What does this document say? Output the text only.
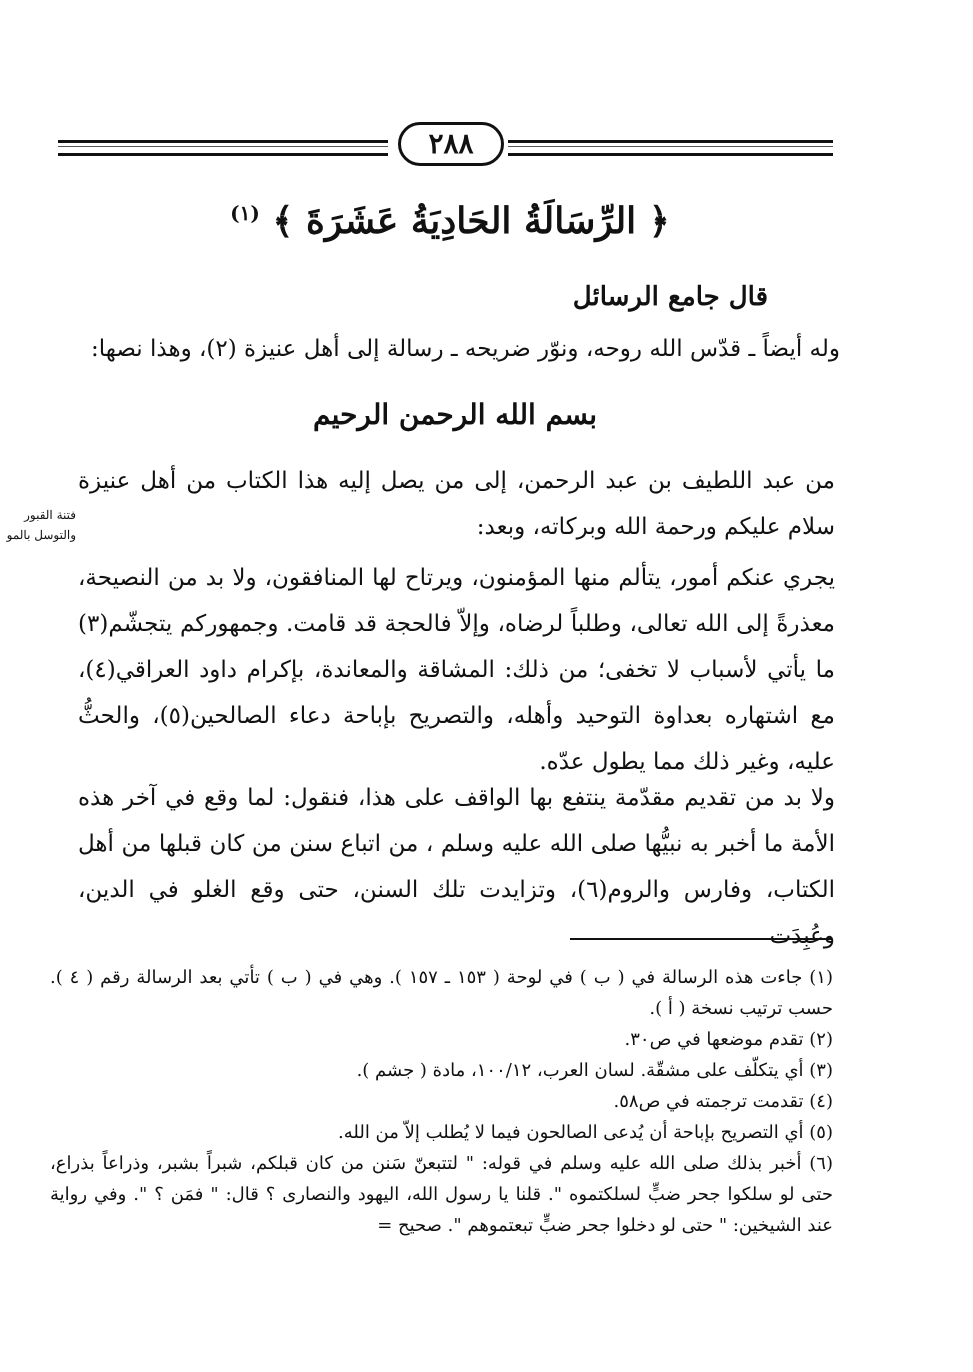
٢٨٨
﴿ الرِّسَالَةُ الحَادِيَةُ عَشَرَةَ ﴾ $^{(١)}$
قال جامع الرسائل
وله أيضاً ـ قدّس الله روحه، ونوّر ضريحه ـ رسالة إلى أهل عنيزة (٢)، وهذا نصها:
بسم الله الرحمن الرحيم
فتنة القبور
والتوسل بالمو
من عبد اللطيف بن عبد الرحمن، إلى من يصل إليه هذا الكتاب من أهل عنيزة سلام عليكم ورحمة الله وبركاته، وبعد:
يجري عنكم أمور، يتألم منها المؤمنون، ويرتاح لها المنافقون، ولا بد من النصيحة، معذرةً إلى الله تعالى، وطلباً لرضاه، وإلاّ فالحجة قد قامت. وجمهوركم يتجشّم(٣) ما يأتي لأسباب لا تخفى؛ من ذلك: المشاقة والمعاندة، بإكرام داود العراقي(٤)، مع اشتهاره بعداوة التوحيد وأهله، والتصريح بإباحة دعاء الصالحين(٥)، والحثُّ عليه، وغير ذلك مما يطول عدّه.
ولا بد من تقديم مقدّمة ينتفع بها الواقف على هذا، فنقول: لما وقع في آخر هذه الأمة ما أخبر به نبيُّها صلى الله عليه وسلم ، من اتباع سنن من كان قبلها من أهل الكتاب، وفارس والروم(٦)، وتزايدت تلك السنن، حتى وقع الغلو في الدين، وعُبِدَت
(١) جاءت هذه الرسالة في ( ب ) في لوحة ( ١٥٣ ـ ١٥٧ ). وهي في ( ب ) تأتي بعد الرسالة رقم ( ٤ ). حسب ترتيب نسخة ( أ ).
(٢) تقدم موضعها في ص٣٠.
(٣) أي يتكلّف على مشقّة. لسان العرب، ١٠٠/١٢، مادة ( جشم ).
(٤) تقدمت ترجمته في ص٥٨.
(٥) أي التصريح بإباحة أن يُدعى الصالحون فيما لا يُطلب إلاّ من الله.
(٦) أخبر بذلك صلى الله عليه وسلم في قوله: " لتتبعنّ سَنن من كان قبلكم، شبراً بشبر، وذراعاً بذراع، حتى لو سلكوا جحر ضبٍّ لسلكتموه ". قلنا يا رسول الله، اليهود والنصارى ؟ قال: " فمَن ؟ ". وفي رواية عند الشيخين: " حتى لو دخلوا جحر ضبٍّ تبعتموهم ". صحيح =
